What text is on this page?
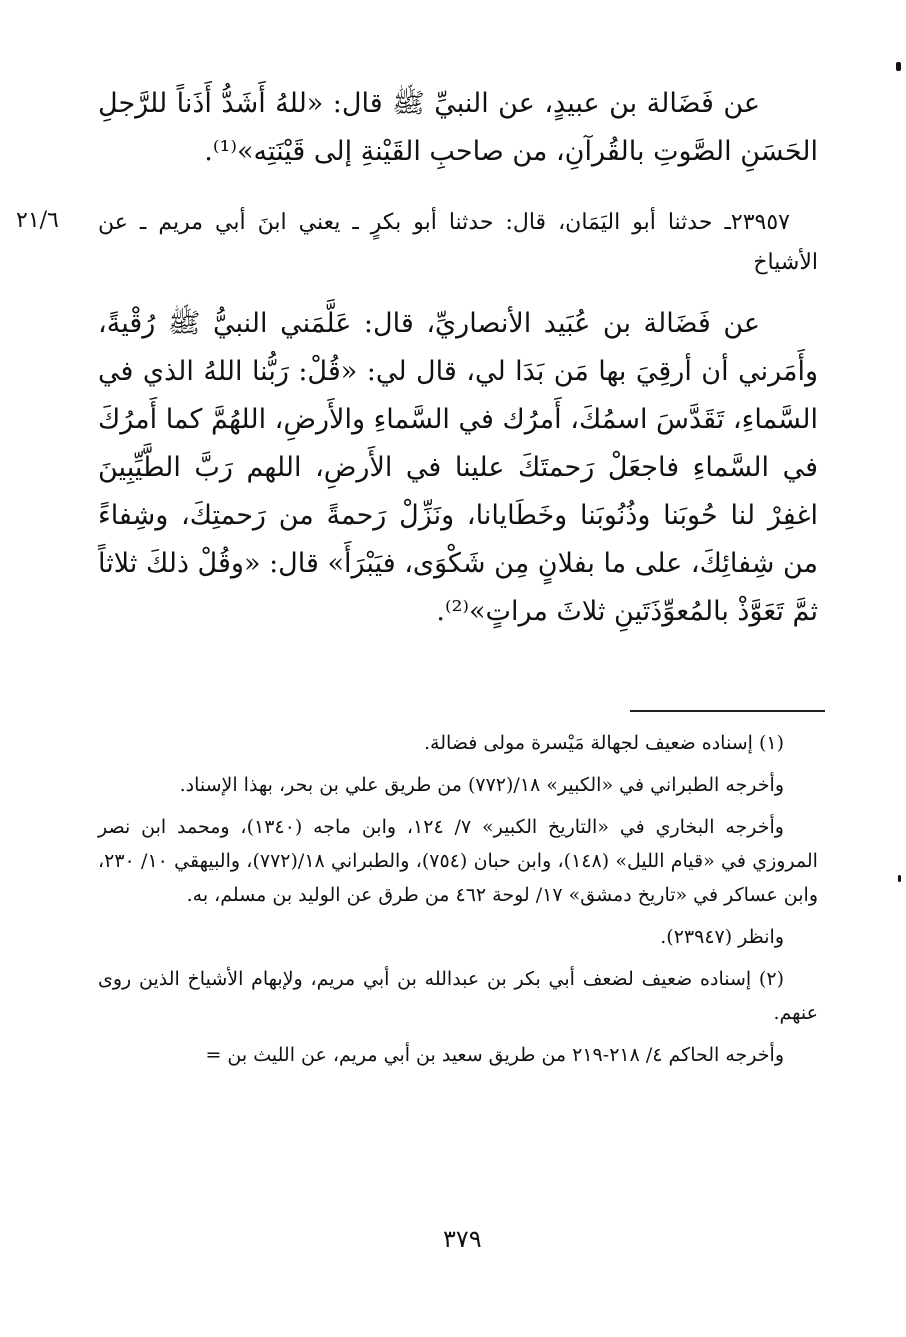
عن فَضَالة بن عبيدٍ، عن النبيِّ ﷺ قال: «للهُ أَشَدُّ أَذَناً للرَّجلِ الحَسَنِ الصَّوتِ بالقُرآنِ، من صاحبِ القَيْنةِ إلى قَيْنَتِه»⁽¹⁾.
٢١/٦ ٢٣٩٥٧ـ حدثنا أبو اليَمَان، قال: حدثنا أبو بكرٍ ـ يعني ابنَ أبي مريم ـ عن الأشياخ
عن فَضَالة بن عُبَيد الأنصاريِّ، قال: عَلَّمَني النبيُّ ﷺ رُقْيةً، وأَمَرني أن أرقِيَ بها مَن بَدَا لي، قال لي: «قُلْ: رَبُّنا اللهُ الذي في السَّماءِ، تَقَدَّسَ اسمُكَ، أَمرُك في السَّماءِ والأَرضِ، اللهُمَّ كما أَمرُكَ في السَّماءِ فاجعَلْ رَحمتَكَ علينا في الأَرضِ، اللهم رَبَّ الطَّيِّبِينَ اغفِرْ لنا حُوبَنا وذُنُوبَنا وخَطَايانا، ونَزِّلْ رَحمةً من رَحمتِكَ، وشِفاءً من شِفائِكَ، على ما بفلانٍ مِن شَكْوَى، فيَبْرَأَ» قال: «وقُلْ ذلكَ ثلاثاً ثمَّ تَعَوَّذْ بالمُعوِّذَتَينِ ثلاثَ مراتٍ»⁽²⁾.

(١) إسناده ضعيف لجهالة مَيْسرة مولى فضالة.

وأخرجه الطبراني في «الكبير» ١٨/(٧٧٢) من طريق علي بن بحر، بهذا الإسناد.

وأخرجه البخاري في «التاريخ الكبير» ٧/ ١٢٤، وابن ماجه (١٣٤٠)، ومحمد ابن نصر المروزي في «قيام الليل» (١٤٨)، وابن حبان (٧٥٤)، والطبراني ١٨/(٧٧٢)، والبيهقي ١٠/ ٢٣٠، وابن عساكر في «تاريخ دمشق» ١٧/ لوحة ٤٦٢ من طرق عن الوليد بن مسلم، به.

وانظر (٢٣٩٤٧).

(٢) إسناده ضعيف لضعف أبي بكر بن عبدالله بن أبي مريم، ولإبهام الأشياخ الذين روى عنهم.

وأخرجه الحاكم ٤/ ٢١٨-٢١٩ من طريق سعيد بن أبي مريم، عن الليث بن =

٣٧٩
